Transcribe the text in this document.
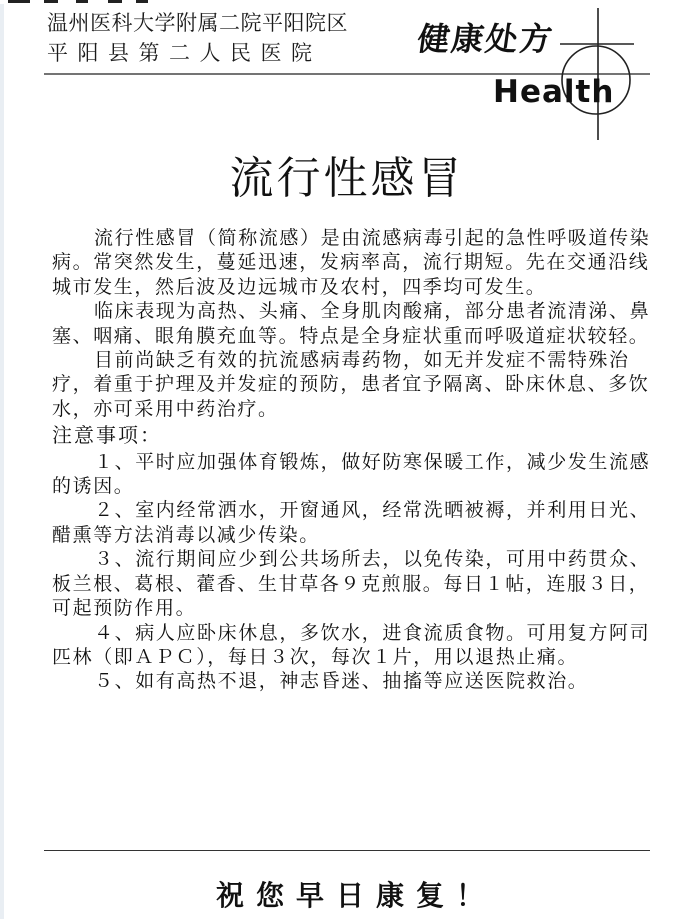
温州医科大学附属二院平阳院区
平阳县第二人民医院	健康处方
Health
流行性感冒

流行性感冒（简称流感）是由流感病毒引起的急性呼吸道传染病。常突然发生，蔓延迅速，发病率高，流行期短。先在交通沿线城市发生，然后波及边远城市及农村，四季均可发生。

临床表现为高热、头痛、全身肌肉酸痛，部分患者流清涕、鼻塞、咽痛、眼角膜充血等。特点是全身症状重而呼吸道症状较轻。

目前尚缺乏有效的抗流感病毒药物，如无并发症不需特殊治疗，着重于护理及并发症的预防，患者宜予隔离、卧床休息、多饮水，亦可采用中药治疗。

注意事项：

１、平时应加强体育锻炼，做好防寒保暖工作，减少发生流感的诱因。

２、室内经常洒水，开窗通风，经常洗晒被褥，并利用日光、醋熏等方法消毒以减少传染。

３、流行期间应少到公共场所去，以免传染，可用中药贯众、板兰根、葛根、藿香、生甘草各９克煎服。每日１帖，连服３日，可起预防作用。

４、病人应卧床休息，多饮水，进食流质食物。可用复方阿司匹林（即ＡＰＣ），每日３次，每次１片，用以退热止痛。

５、如有高热不退，神志昏迷、抽搐等应送医院救治。

祝您早日康复！
